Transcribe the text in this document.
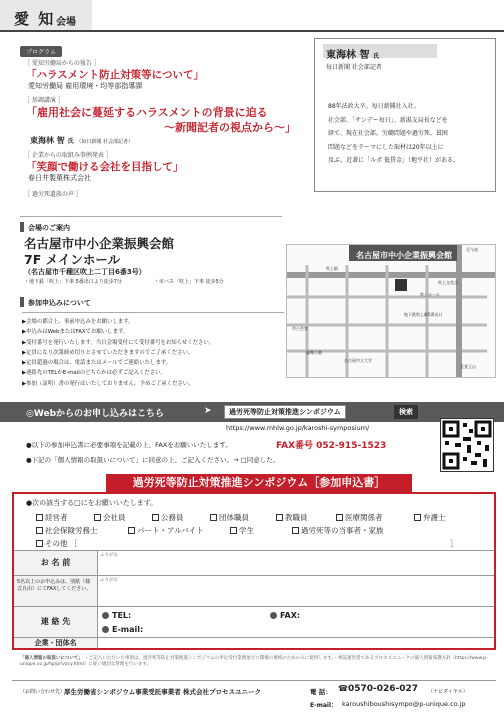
愛 知 会場
プログラム
［ 愛知労働局からの報告 ］
「ハラスメント防止対策等について」
愛知労働局 雇用環境・均等部指導課
［ 基調講演 ］
「雇用社会に蔓延するハラスメントの背景に迫る
～新聞記者の視点から～」
東海林 智 氏 （毎日新聞 社会部記者）
［ 企業からの取組み事例発表 ］
「笑顔で働ける会社を目指して」
春日井製菓株式会社
［ 過労死遺族の声 ］
東海林 智 氏
毎日新聞 社会部記者
88年法政大卒。毎日新聞社入社。
社会部、「サンデー毎日」、新潟支局長などを
経て、現在社会部。労働問題や過労死、貧困
問題などをテーマにした取材は20年以上に
及ぶ。近著に「ルポ 低賃金」（地平社）がある。
会場のご案内
名古屋市中小企業振興会館
7F メインホール
（名古屋市千種区吹上二丁目6番3号）
・地下鉄「吹上」下車 5番出口より徒歩7分	・市バス「吹上」下車 徒歩5分
参加申込みについて
▶会場の都合上、事前申込みをお願いします。
▶申込みはWebまたはFAXでお願いします。
▶受付番号を発行いたします。当日会場受付にて受付番号をお知らせください。
▶定員になり次第締め切りとさせていただきますのでご了承ください。
▶定員超過の場合は、電話またはメールでご連絡いたします。
▶連絡先のTELかE-mailのどちらかは必ずご記入ください。
▶参加（証明）書の発行はいたしておりません。予めご了承ください。
名古屋市中小企業振興会館
至今池
吹上駅
吹上ホール
市公会堂
鶴舞公園
名古屋市立大学
至覚王山
地下鉄吹上駅5番出口
吹上交差点
◎Webからのお申し込みはこちら	➤	過労死等防止対策推進シンポジウム	検索
https://www.mhlw.go.jp/karoshi-symposium/
●以下の参加申込書に必要事項を記載の上、FAXをお願いいたします。	FAX番号 052-915-1523
●下記の「個人情報の取扱いについて」に同意の上、ご記入ください。→ □同意した。
過労死等防止対策推進シンポジウム［参加申込書］
●次の該当する□にをお願いいたします。
経営者	会社員	公務員	団体職員	教職員	医療関係者	弁護士
社会保険労務士	パート・アルバイト	学生	過労死等の当事者・家族
その他 ［	］
お 名 前
ふりがな
5名以上のお申込みは、別紙（様式自由）にてFAXしてください。
ふりがな
連 絡 先
TEL:	FAX:
E-mail:
企業・団体名
「個人情報の取扱いについて」 ・ご記入いただいた事項は、過労死等防止対策推進シンポジウムの申込受付業務並びに開催の連絡のためのみに使用します。・委託運営者であるプロセスユニークの個人情報保護方針（https://www.p-unique.co.jp/hp/privacy.html）に従い適切な管理を行います。
（お問い合わせ先）
厚生労働省シンポジウム事業受託事業者 株式会社プロセスユニーク	電 話： ☎0570-026-027 （ナビダイヤル）
E-mail： karoushiboushisympo@p-unique.co.jp
